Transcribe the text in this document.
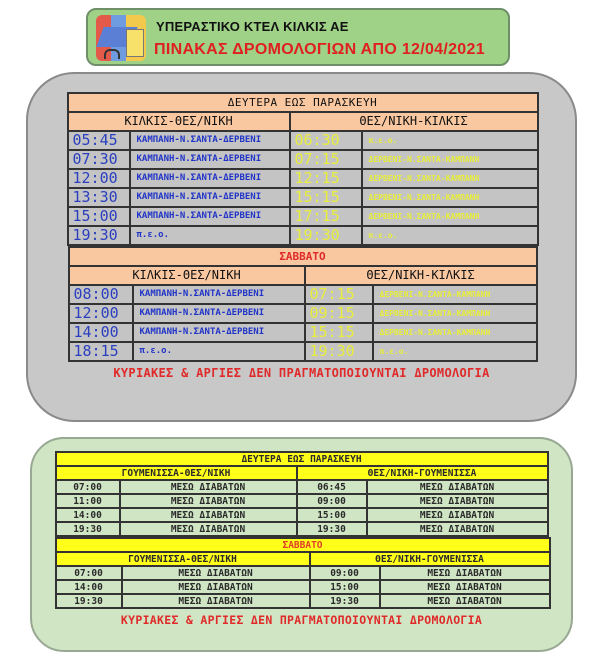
ΥΠΕΡΑΣΤΙΚΟ ΚΤΕΛ ΚΙΛΚΙΣ ΑΕ
ΠΙΝΑΚΑΣ ΔΡΟΜΟΛΟΓΙΩΝ ΑΠΟ 12/04/2021
ΔΕΥΤΕΡΑ ΕΩΣ ΠΑΡΑΣΚΕΥΗ			
ΚΙΛΚΙΣ-ΘΕΣ/ΝΙΚΗ		ΘΕΣ/ΝΙΚΗ-ΚΙΛΚΙΣ	
05:45	ΚΑΜΠΑΝΗ-Ν.ΣΑΝΤΑ-ΔΕΡΒΕΝΙ	06:30	π.ε.ο.
07:30	ΚΑΜΠΑΝΗ-Ν.ΣΑΝΤΑ-ΔΕΡΒΕΝΙ	07:15	ΔΕΡΒΕΝΙ-Ν.ΣΑΝΤΑ-ΚΑΜΠΑΝΗ
12:00	ΚΑΜΠΑΝΗ-Ν.ΣΑΝΤΑ-ΔΕΡΒΕΝΙ	12:15	ΔΕΡΒΕΝΙ-Ν.ΣΑΝΤΑ-ΚΑΜΠΑΝΗ
13:30	ΚΑΜΠΑΝΗ-Ν.ΣΑΝΤΑ-ΔΕΡΒΕΝΙ	15:15	ΔΕΡΒΕΝΙ-Ν.ΣΑΝΤΑ-ΚΑΜΠΑΝΗ
15:00	ΚΑΜΠΑΝΗ-Ν.ΣΑΝΤΑ-ΔΕΡΒΕΝΙ	17:15	ΔΕΡΒΕΝΙ-Ν.ΣΑΝΤΑ-ΚΑΜΠΑΝΗ
19:30	π.ε.ο.	19:30	π.ε.ο.
ΣΑΒΒΑΤΟ			
ΚΙΛΚΙΣ-ΘΕΣ/ΝΙΚΗ		ΘΕΣ/ΝΙΚΗ-ΚΙΛΚΙΣ	
08:00	ΚΑΜΠΑΝΗ-Ν.ΣΑΝΤΑ-ΔΕΡΒΕΝΙ	07:15	ΔΕΡΒΕΝΙ-Ν.ΣΑΝΤΑ-ΚΑΜΠΑΝΗ
12:00	ΚΑΜΠΑΝΗ-Ν.ΣΑΝΤΑ-ΔΕΡΒΕΝΙ	09:15	ΔΕΡΒΕΝΙ-Ν.ΣΑΝΤΑ-ΚΑΜΠΑΝΗ
14:00	ΚΑΜΠΑΝΗ-Ν.ΣΑΝΤΑ-ΔΕΡΒΕΝΙ	15:15	ΔΕΡΒΕΝΙ-Ν.ΣΑΝΤΑ-ΚΑΜΠΑΝΗ
18:15	π.ε.ο.	19:30	π.ε.ο.
ΚΥΡΙΑΚΕΣ & ΑΡΓΙΕΣ ΔΕΝ ΠΡΑΓΜΑΤΟΠΟΙΟΥΝΤΑΙ ΔΡΟΜΟΛΟΓΙΑ
ΔΕΥΤΕΡΑ ΕΩΣ ΠΑΡΑΣΚΕΥΗ			
ΓΟΥΜΕΝΙΣΣΑ-ΘΕΣ/ΝΙΚΗ		ΘΕΣ/ΝΙΚΗ-ΓΟΥΜΕΝΙΣΣΑ	
07:00	ΜΕΣΩ ΔΙΑΒΑΤΩΝ	06:45	ΜΕΣΩ ΔΙΑΒΑΤΩΝ
11:00	ΜΕΣΩ ΔΙΑΒΑΤΩΝ	09:00	ΜΕΣΩ ΔΙΑΒΑΤΩΝ
14:00	ΜΕΣΩ ΔΙΑΒΑΤΩΝ	15:00	ΜΕΣΩ ΔΙΑΒΑΤΩΝ
19:30	ΜΕΣΩ ΔΙΑΒΑΤΩΝ	19:30	ΜΕΣΩ ΔΙΑΒΑΤΩΝ
ΣΑΒΒΑΤΟ			
ΓΟΥΜΕΝΙΣΣΑ-ΘΕΣ/ΝΙΚΗ		ΘΕΣ/ΝΙΚΗ-ΓΟΥΜΕΝΙΣΣΑ	
07:00	ΜΕΣΩ ΔΙΑΒΑΤΩΝ	09:00	ΜΕΣΩ ΔΙΑΒΑΤΩΝ
14:00	ΜΕΣΩ ΔΙΑΒΑΤΩΝ	15:00	ΜΕΣΩ ΔΙΑΒΑΤΩΝ
19:30	ΜΕΣΩ ΔΙΑΒΑΤΩΝ	19:30	ΜΕΣΩ ΔΙΑΒΑΤΩΝ
ΚΥΡΙΑΚΕΣ & ΑΡΓΙΕΣ ΔΕΝ ΠΡΑΓΜΑΤΟΠΟΙΟΥΝΤΑΙ ΔΡΟΜΟΛΟΓΙΑ
